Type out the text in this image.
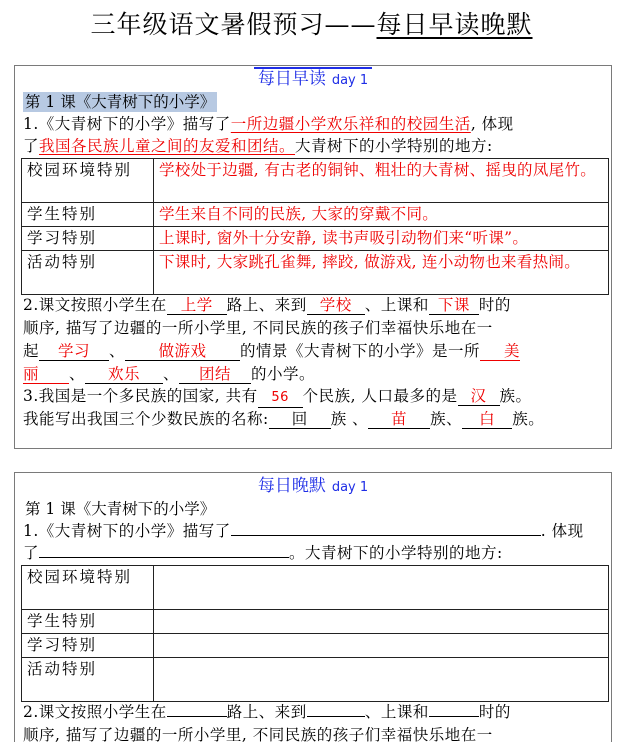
三年级语文暑假预习——每日早读晚默
每日早读 day 1
第 1 课《大青树下的小学》
1.《大青树下的小学》描写了一所边疆小学欢乐祥和的校园生活, 体现
了我国各民族儿童之间的友爱和团结。大青树下的小学特别的地方:
校园环境特别	学校处于边疆, 有古老的铜钟、粗壮的大青树、摇曳的凤尾竹。
学生特别	学生来自不同的民族, 大家的穿戴不同。
学习特别	上课时, 窗外十分安静, 读书声吸引动物们来“听课”。
活动特别	下课时, 大家跳孔雀舞, 摔跤, 做游戏, 连小动物也来看热闹。
2.课文按照小学生在 上学 路上、来到 学校 、上课和 下课 时的
顺序, 描写了边疆的一所小学里, 不同民族的孩子们幸福快乐地在一
起 学习 、 做游戏 的情景《大青树下的小学》是一所 美
丽 、 欢乐 、 团结 的小学。
3.我国是一个多民族的国家, 共有 56 个民族, 人口最多的是 汉 族。
我能写出我国三个少数民族的名称: 回 族 、 苗 族、 白 族。
每日晚默 day 1
第 1 课《大青树下的小学》
1.《大青树下的小学》描写了	. 体现
了	。大青树下的小学特别的地方:
校园环境特别	
学生特别	
学习特别	
活动特别	
2.课文按照小学生在	路上、来到	、上课和	时的
顺序, 描写了边疆的一所小学里, 不同民族的孩子们幸福快乐地在一
